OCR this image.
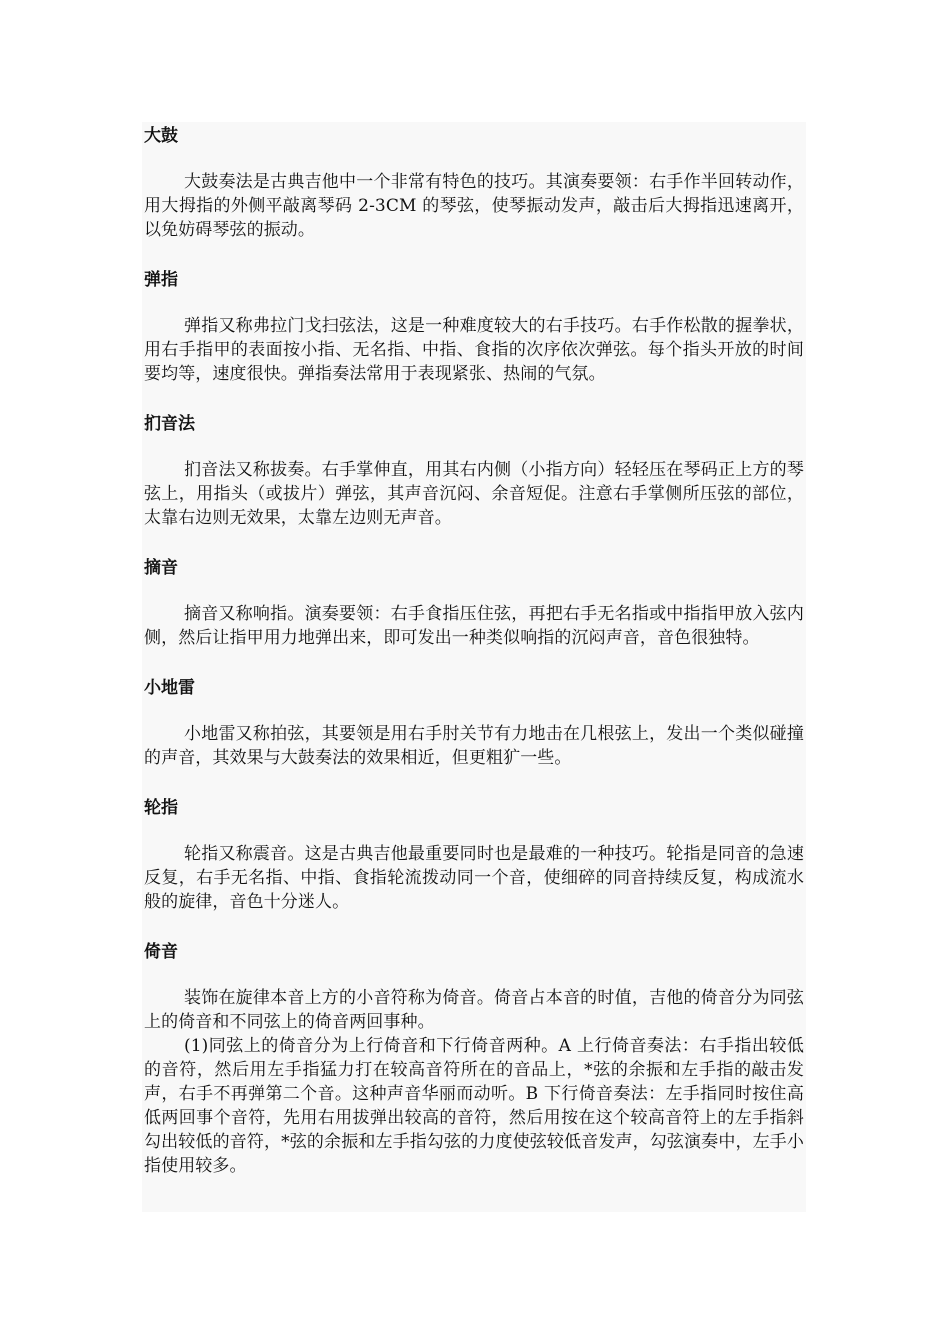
大鼓

大鼓奏法是古典吉他中一个非常有特色的技巧。其演奏要领：右手作半回转动作，用大拇指的外侧平敲离琴码 2-3CM 的琴弦，使琴振动发声，敲击后大拇指迅速离开，以免妨碍琴弦的振动。

弹指

弹指又称弗拉门戈扫弦法，这是一种难度较大的右手技巧。右手作松散的握拳状，用右手指甲的表面按小指、无名指、中指、食指的次序依次弹弦。每个指头开放的时间要均等，速度很快。弹指奏法常用于表现紧张、热闹的气氛。

扪音法

扪音法又称拔奏。右手掌伸直，用其右内侧（小指方向）轻轻压在琴码正上方的琴弦上，用指头（或拔片）弹弦，其声音沉闷、余音短促。注意右手掌侧所压弦的部位，太靠右边则无效果，太靠左边则无声音。

摘音

摘音又称响指。演奏要领：右手食指压住弦，再把右手无名指或中指指甲放入弦内侧，然后让指甲用力地弹出来，即可发出一种类似响指的沉闷声音，音色很独特。

小地雷

小地雷又称拍弦，其要领是用右手肘关节有力地击在几根弦上，发出一个类似碰撞的声音，其效果与大鼓奏法的效果相近，但更粗犷一些。

轮指

轮指又称震音。这是古典吉他最重要同时也是最难的一种技巧。轮指是同音的急速反复，右手无名指、中指、食指轮流拨动同一个音，使细碎的同音持续反复，构成流水般的旋律，音色十分迷人。

倚音

装饰在旋律本音上方的小音符称为倚音。倚音占本音的时值，吉他的倚音分为同弦上的倚音和不同弦上的倚音两回事种。

(1)同弦上的倚音分为上行倚音和下行倚音两种。A 上行倚音奏法：右手指出较低的音符，然后用左手指猛力打在较高音符所在的音品上，*弦的余振和左手指的敲击发声，右手不再弹第二个音。这种声音华丽而动听。B 下行倚音奏法：左手指同时按住高低两回事个音符，先用右用拔弹出较高的音符，然后用按在这个较高音符上的左手指斜勾出较低的音符，*弦的余振和左手指勾弦的力度使弦较低音发声，勾弦演奏中，左手小指使用较多。
